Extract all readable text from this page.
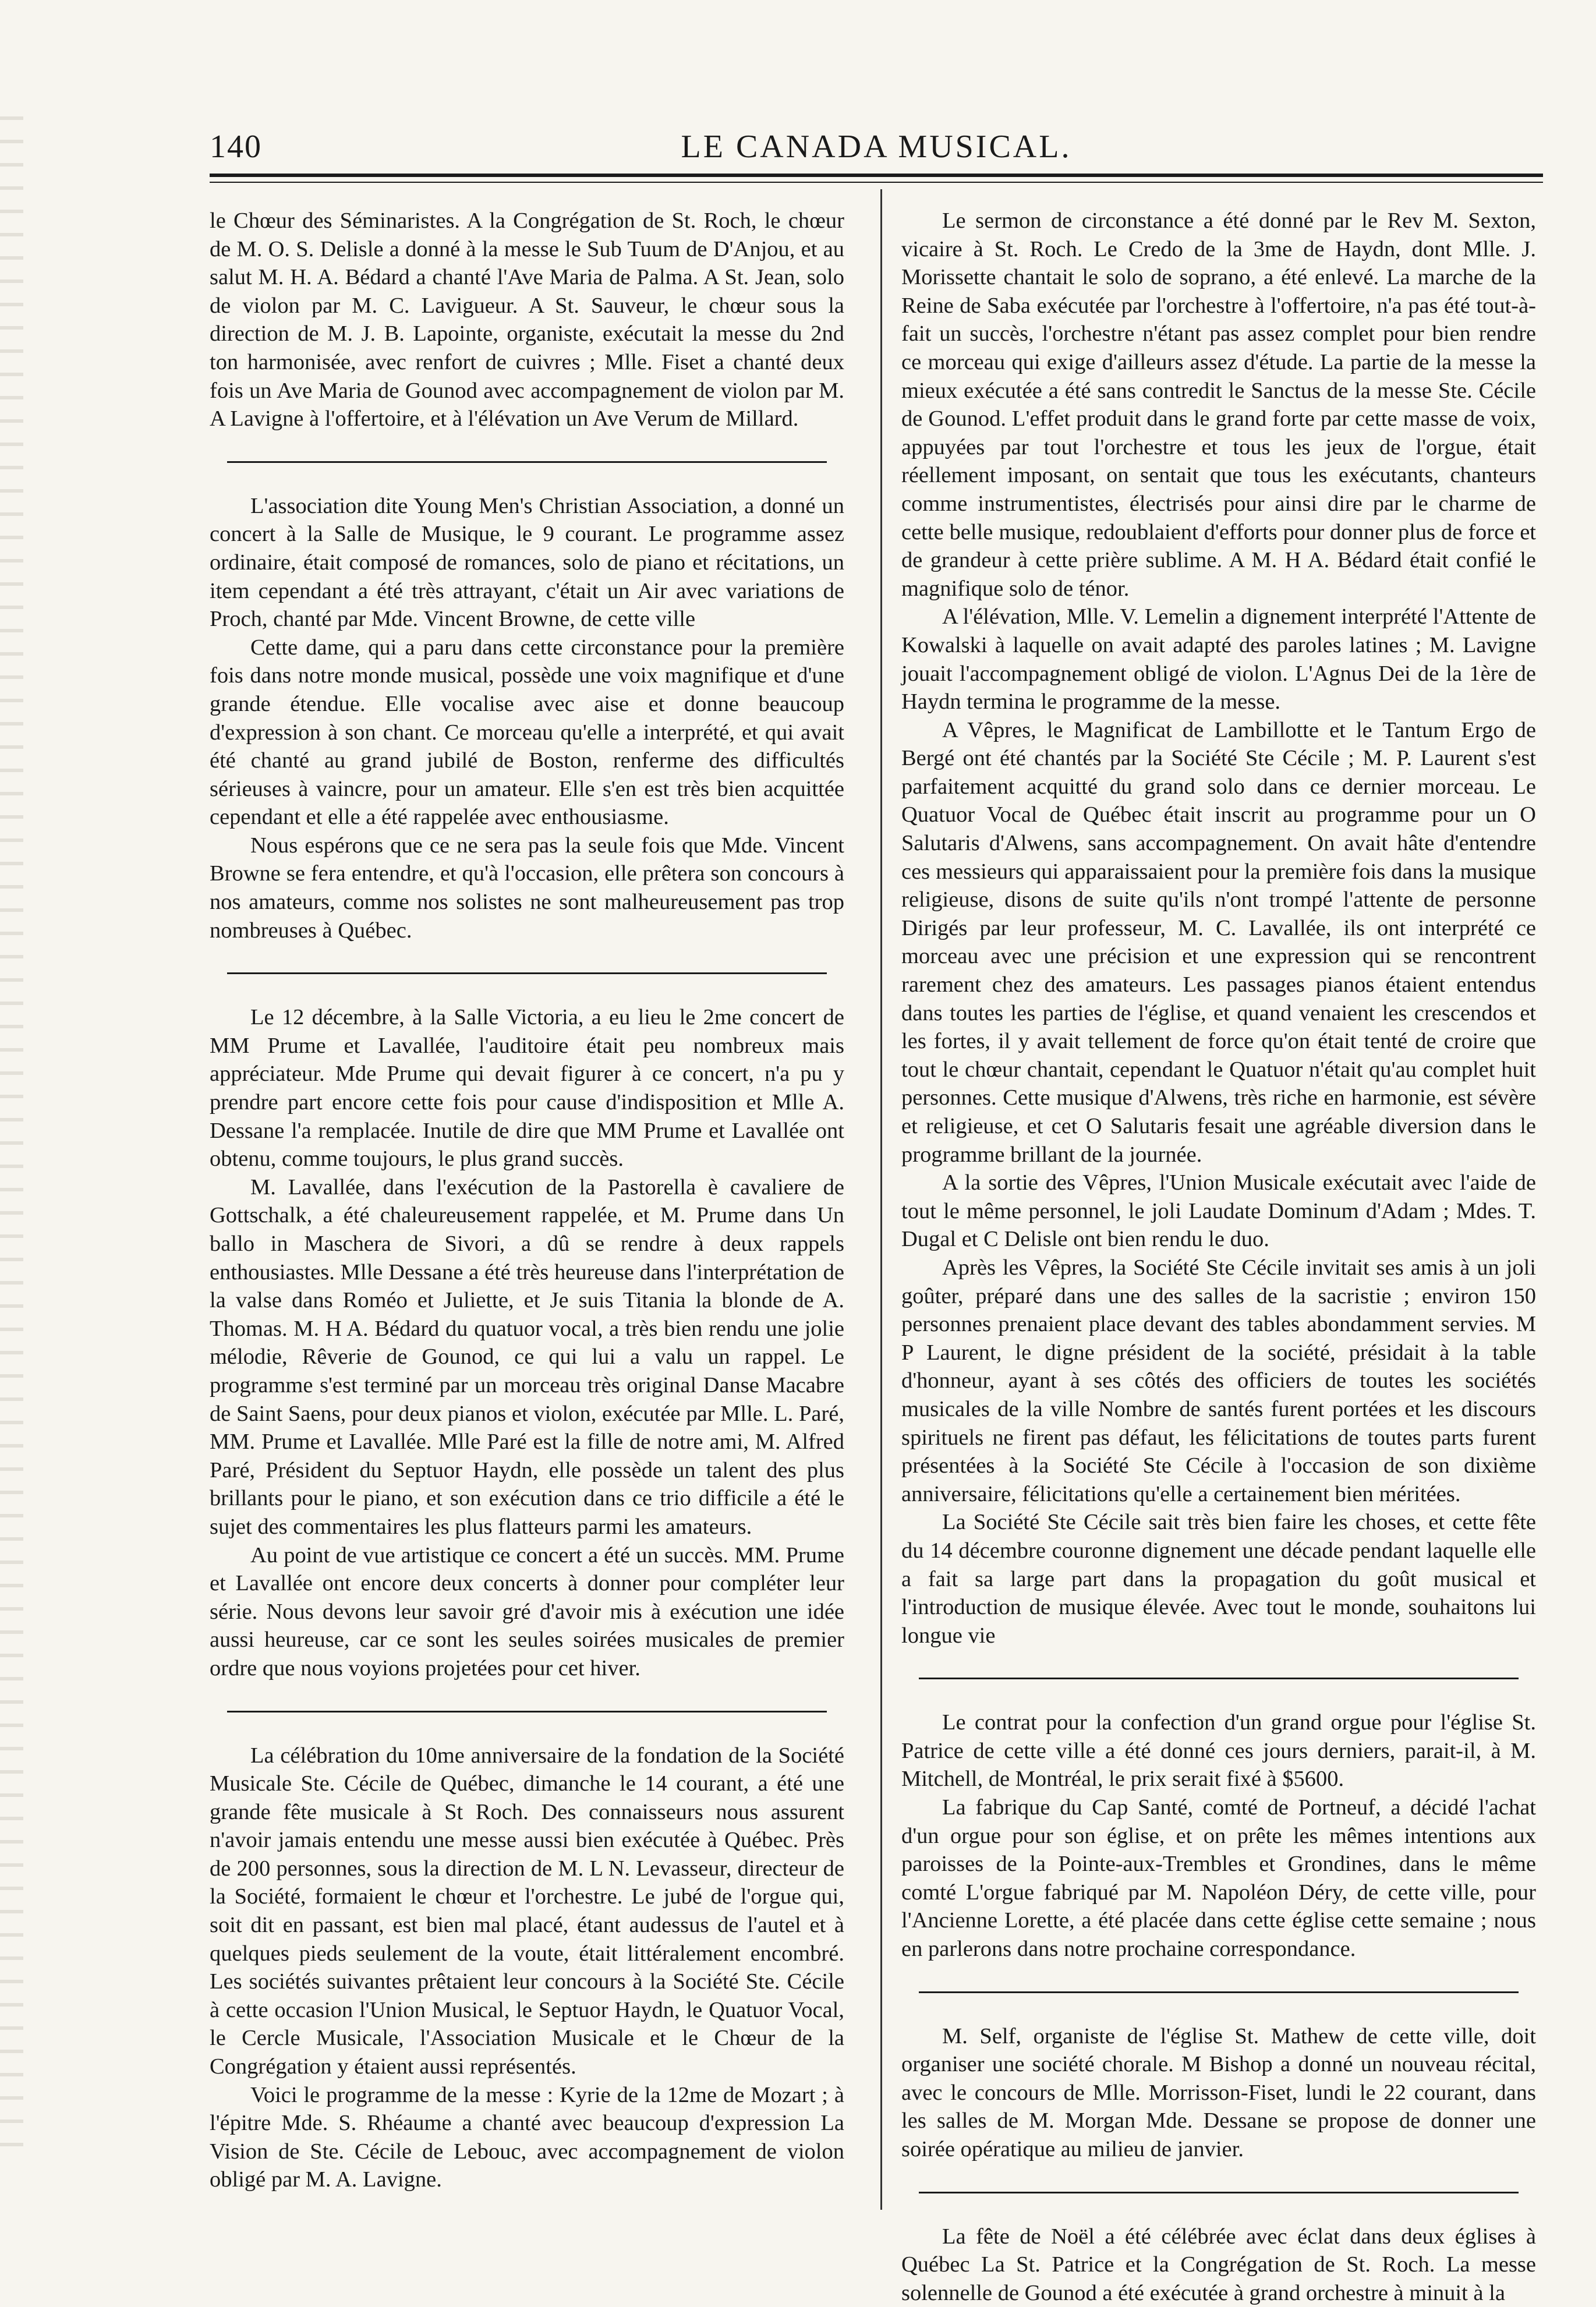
140	LE CANADA MUSICAL.

le Chœur des Séminaristes. A la Congrégation de St. Roch, le chœur de M. O. S. Delisle a donné à la messe le Sub Tuum de D'Anjou, et au salut M. H. A. Bédard a chanté l'Ave Maria de Palma. A St. Jean, solo de violon par M. C. Lavigueur. A St. Sauveur, le chœur sous la direction de M. J. B. Lapointe, organiste, exécutait la messe du 2nd ton harmonisée, avec renfort de cuivres ; Mlle. Fiset a chanté deux fois un Ave Maria de Gounod avec accompagnement de violon par M. A Lavigne à l'offertoire, et à l'élévation un Ave Verum de Millard.

L'association dite Young Men's Christian Association, a donné un concert à la Salle de Musique, le 9 courant. Le programme assez ordinaire, était composé de romances, solo de piano et récitations, un item cependant a été très attrayant, c'était un Air avec variations de Proch, chanté par Mde. Vincent Browne, de cette ville

Cette dame, qui a paru dans cette circonstance pour la première fois dans notre monde musical, possède une voix magnifique et d'une grande étendue. Elle vocalise avec aise et donne beaucoup d'expression à son chant. Ce morceau qu'elle a interprété, et qui avait été chanté au grand jubilé de Boston, renferme des difficultés sérieuses à vaincre, pour un amateur. Elle s'en est très bien acquittée cependant et elle a été rappelée avec enthousiasme.

Nous espérons que ce ne sera pas la seule fois que Mde. Vincent Browne se fera entendre, et qu'à l'occasion, elle prêtera son concours à nos amateurs, comme nos solistes ne sont malheureusement pas trop nombreuses à Québec.

Le 12 décembre, à la Salle Victoria, a eu lieu le 2me concert de MM Prume et Lavallée, l'auditoire était peu nombreux mais appréciateur. Mde Prume qui devait figurer à ce concert, n'a pu y prendre part encore cette fois pour cause d'indisposition et Mlle A. Dessane l'a remplacée. Inutile de dire que MM Prume et Lavallée ont obtenu, comme toujours, le plus grand succès.

M. Lavallée, dans l'exécution de la Pastorella è cavaliere de Gottschalk, a été chaleureusement rappelée, et M. Prume dans Un ballo in Maschera de Sivori, a dû se rendre à deux rappels enthousiastes. Mlle Dessane a été très heureuse dans l'interprétation de la valse dans Roméo et Juliette, et Je suis Titania la blonde de A. Thomas. M. H A. Bédard du quatuor vocal, a très bien rendu une jolie mélodie, Rêverie de Gounod, ce qui lui a valu un rappel. Le programme s'est terminé par un morceau très original Danse Macabre de Saint Saens, pour deux pianos et violon, exécutée par Mlle. L. Paré, MM. Prume et Lavallée. Mlle Paré est la fille de notre ami, M. Alfred Paré, Président du Septuor Haydn, elle possède un talent des plus brillants pour le piano, et son exécution dans ce trio difficile a été le sujet des commentaires les plus flatteurs parmi les amateurs.

Au point de vue artistique ce concert a été un succès. MM. Prume et Lavallée ont encore deux concerts à donner pour compléter leur série. Nous devons leur savoir gré d'avoir mis à exécution une idée aussi heureuse, car ce sont les seules soirées musicales de premier ordre que nous voyions projetées pour cet hiver.

La célébration du 10me anniversaire de la fondation de la Société Musicale Ste. Cécile de Québec, dimanche le 14 courant, a été une grande fête musicale à St Roch. Des connaisseurs nous assurent n'avoir jamais entendu une messe aussi bien exécutée à Québec. Près de 200 personnes, sous la direction de M. L N. Levasseur, directeur de la Société, formaient le chœur et l'orchestre. Le jubé de l'orgue qui, soit dit en passant, est bien mal placé, étant audessus de l'autel et à quelques pieds seulement de la voute, était littéralement encombré. Les sociétés suivantes prêtaient leur concours à la Société Ste. Cécile à cette occasion l'Union Musical, le Septuor Haydn, le Quatuor Vocal, le Cercle Musicale, l'Association Musicale et le Chœur de la Congrégation y étaient aussi représentés.

Voici le programme de la messe : Kyrie de la 12me de Mozart ; à l'épitre Mde. S. Rhéaume a chanté avec beaucoup d'expression La Vision de Ste. Cécile de Lebouc, avec accompagnement de violon obligé par M. A. Lavigne.

Le sermon de circonstance a été donné par le Rev M. Sexton, vicaire à St. Roch. Le Credo de la 3me de Haydn, dont Mlle. J. Morissette chantait le solo de soprano, a été enlevé. La marche de la Reine de Saba exécutée par l'orchestre à l'offertoire, n'a pas été tout-à-fait un succès, l'orchestre n'étant pas assez complet pour bien rendre ce morceau qui exige d'ailleurs assez d'étude. La partie de la messe la mieux exécutée a été sans contredit le Sanctus de la messe Ste. Cécile de Gounod. L'effet produit dans le grand forte par cette masse de voix, appuyées par tout l'orchestre et tous les jeux de l'orgue, était réellement imposant, on sentait que tous les exécutants, chanteurs comme instrumentistes, électrisés pour ainsi dire par le charme de cette belle musique, redoublaient d'efforts pour donner plus de force et de grandeur à cette prière sublime. A M. H A. Bédard était confié le magnifique solo de ténor.

A l'élévation, Mlle. V. Lemelin a dignement interprété l'Attente de Kowalski à laquelle on avait adapté des paroles latines ; M. Lavigne jouait l'accompagnement obligé de violon. L'Agnus Dei de la 1ère de Haydn termina le programme de la messe.

A Vêpres, le Magnificat de Lambillotte et le Tantum Ergo de Bergé ont été chantés par la Société Ste Cécile ; M. P. Laurent s'est parfaitement acquitté du grand solo dans ce dernier morceau. Le Quatuor Vocal de Québec était inscrit au programme pour un O Salutaris d'Alwens, sans accompagnement. On avait hâte d'entendre ces messieurs qui apparaissaient pour la première fois dans la musique religieuse, disons de suite qu'ils n'ont trompé l'attente de personne Dirigés par leur professeur, M. C. Lavallée, ils ont interprété ce morceau avec une précision et une expression qui se rencontrent rarement chez des amateurs. Les passages pianos étaient entendus dans toutes les parties de l'église, et quand venaient les crescendos et les fortes, il y avait tellement de force qu'on était tenté de croire que tout le chœur chantait, cependant le Quatuor n'était qu'au complet huit personnes. Cette musique d'Alwens, très riche en harmonie, est sévère et religieuse, et cet O Salutaris fesait une agréable diversion dans le programme brillant de la journée.

A la sortie des Vêpres, l'Union Musicale exécutait avec l'aide de tout le même personnel, le joli Laudate Dominum d'Adam ; Mdes. T. Dugal et C Delisle ont bien rendu le duo.

Après les Vêpres, la Société Ste Cécile invitait ses amis à un joli goûter, préparé dans une des salles de la sacristie ; environ 150 personnes prenaient place devant des tables abondamment servies. M P Laurent, le digne président de la société, présidait à la table d'honneur, ayant à ses côtés des officiers de toutes les sociétés musicales de la ville Nombre de santés furent portées et les discours spirituels ne firent pas défaut, les félicitations de toutes parts furent présentées à la Société Ste Cécile à l'occasion de son dixième anniversaire, félicitations qu'elle a certainement bien méritées.

La Société Ste Cécile sait très bien faire les choses, et cette fête du 14 décembre couronne dignement une décade pendant laquelle elle a fait sa large part dans la propagation du goût musical et l'introduction de musique élevée. Avec tout le monde, souhaitons lui longue vie

Le contrat pour la confection d'un grand orgue pour l'église St. Patrice de cette ville a été donné ces jours derniers, parait-il, à M. Mitchell, de Montréal, le prix serait fixé à $5600.

La fabrique du Cap Santé, comté de Portneuf, a décidé l'achat d'un orgue pour son église, et on prête les mêmes intentions aux paroisses de la Pointe-aux-Trembles et Grondines, dans le même comté L'orgue fabriqué par M. Napoléon Déry, de cette ville, pour l'Ancienne Lorette, a été placée dans cette église cette semaine ; nous en parlerons dans notre prochaine correspondance.

M. Self, organiste de l'église St. Mathew de cette ville, doit organiser une société chorale. M Bishop a donné un nouveau récital, avec le concours de Mlle. Morrisson-Fiset, lundi le 22 courant, dans les salles de M. Morgan Mde. Dessane se propose de donner une soirée opératique au milieu de janvier.

La fête de Noël a été célébrée avec éclat dans deux églises à Québec La St. Patrice et la Congrégation de St. Roch. La messe solennelle de Gounod a été exécutée à grand orchestre à minuit à la
